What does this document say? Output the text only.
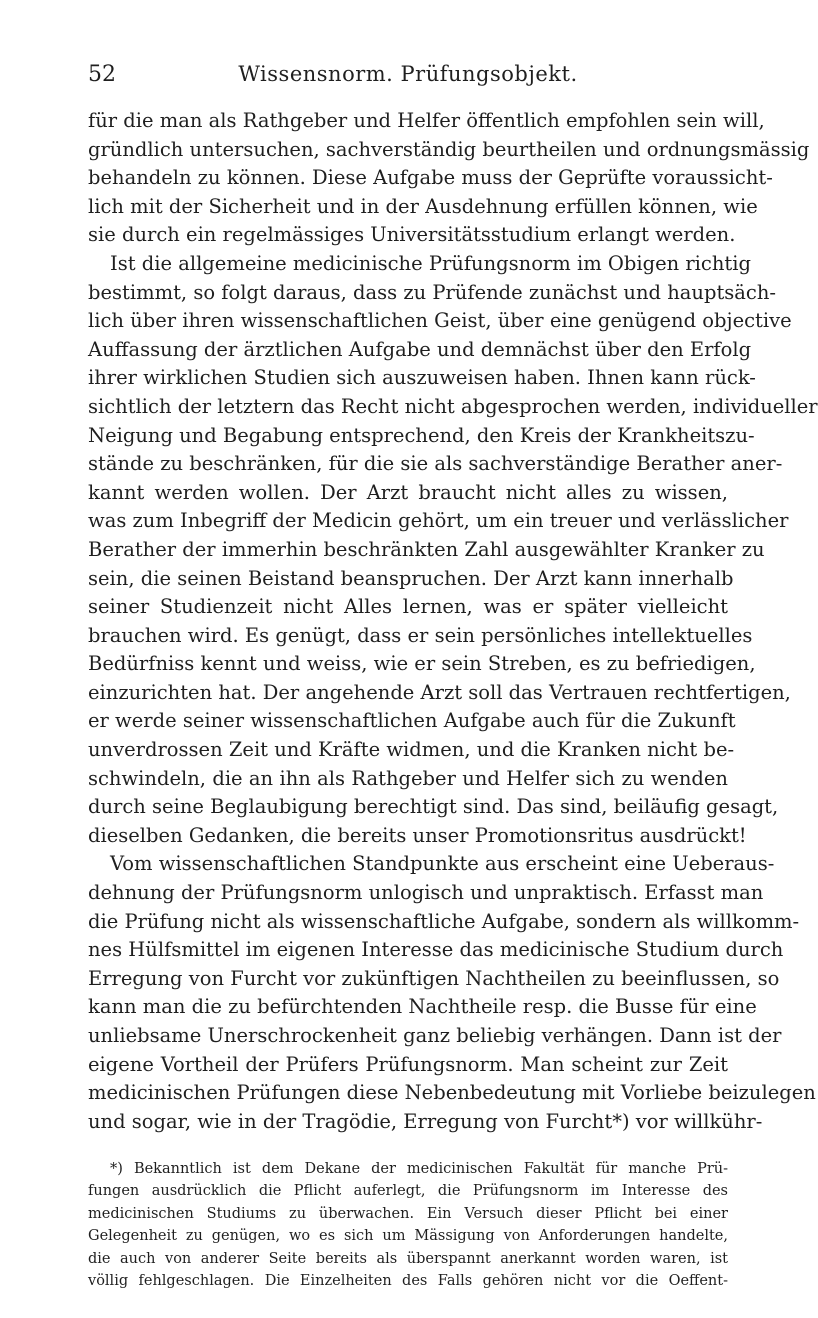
52	Wissensnorm. Prüfungsobjekt.
für die man als Rathgeber und Helfer öffentlich empfohlen sein will,
gründlich untersuchen, sachverständig beurtheilen und ordnungsmässig
behandeln zu können. Diese Aufgabe muss der Geprüfte voraussicht-
lich mit der Sicherheit und in der Ausdehnung erfüllen können, wie
sie durch ein regelmässiges Universitätsstudium erlangt werden.
Ist die allgemeine medicinische Prüfungsnorm im Obigen richtig
bestimmt, so folgt daraus, dass zu Prüfende zunächst und hauptsäch-
lich über ihren wissenschaftlichen Geist, über eine genügend objective
Auffassung der ärztlichen Aufgabe und demnächst über den Erfolg
ihrer wirklichen Studien sich auszuweisen haben. Ihnen kann rück-
sichtlich der letztern das Recht nicht abgesprochen werden, individueller
Neigung und Begabung entsprechend, den Kreis der Krankheitszu-
stände zu beschränken, für die sie als sachverständige Berather aner-
kannt werden wollen. Der Arzt braucht nicht alles zu wissen,
was zum Inbegriff der Medicin gehört, um ein treuer und verlässlicher
Berather der immerhin beschränkten Zahl ausgewählter Kranker zu
sein, die seinen Beistand beanspruchen. Der Arzt kann innerhalb
seiner Studienzeit nicht Alles lernen, was er später vielleicht
brauchen wird. Es genügt, dass er sein persönliches intellektuelles
Bedürfniss kennt und weiss, wie er sein Streben, es zu befriedigen,
einzurichten hat. Der angehende Arzt soll das Vertrauen rechtfertigen,
er werde seiner wissenschaftlichen Aufgabe auch für die Zukunft
unverdrossen Zeit und Kräfte widmen, und die Kranken nicht be-
schwindeln, die an ihn als Rathgeber und Helfer sich zu wenden
durch seine Beglaubigung berechtigt sind. Das sind, beiläufig gesagt,
dieselben Gedanken, die bereits unser Promotionsritus ausdrückt!
Vom wissenschaftlichen Standpunkte aus erscheint eine Ueberaus-
dehnung der Prüfungsnorm unlogisch und unpraktisch. Erfasst man
die Prüfung nicht als wissenschaftliche Aufgabe, sondern als willkomm-
nes Hülfsmittel im eigenen Interesse das medicinische Studium durch
Erregung von Furcht vor zukünftigen Nachtheilen zu beeinflussen, so
kann man die zu befürchtenden Nachtheile resp. die Busse für eine
unliebsame Unerschrockenheit ganz beliebig verhängen. Dann ist der
eigene Vortheil der Prüfers Prüfungsnorm. Man scheint zur Zeit
medicinischen Prüfungen diese Nebenbedeutung mit Vorliebe beizulegen
und sogar, wie in der Tragödie, Erregung von Furcht*) vor willkühr-
*) Bekanntlich ist dem Dekane der medicinischen Fakultät für manche Prü-
fungen ausdrücklich die Pflicht auferlegt, die Prüfungsnorm im Interesse des
medicinischen Studiums zu überwachen. Ein Versuch dieser Pflicht bei einer
Gelegenheit zu genügen, wo es sich um Mässigung von Anforderungen handelte,
die auch von anderer Seite bereits als überspannt anerkannt worden waren, ist
völlig fehlgeschlagen. Die Einzelheiten des Falls gehören nicht vor die Oeffent-
